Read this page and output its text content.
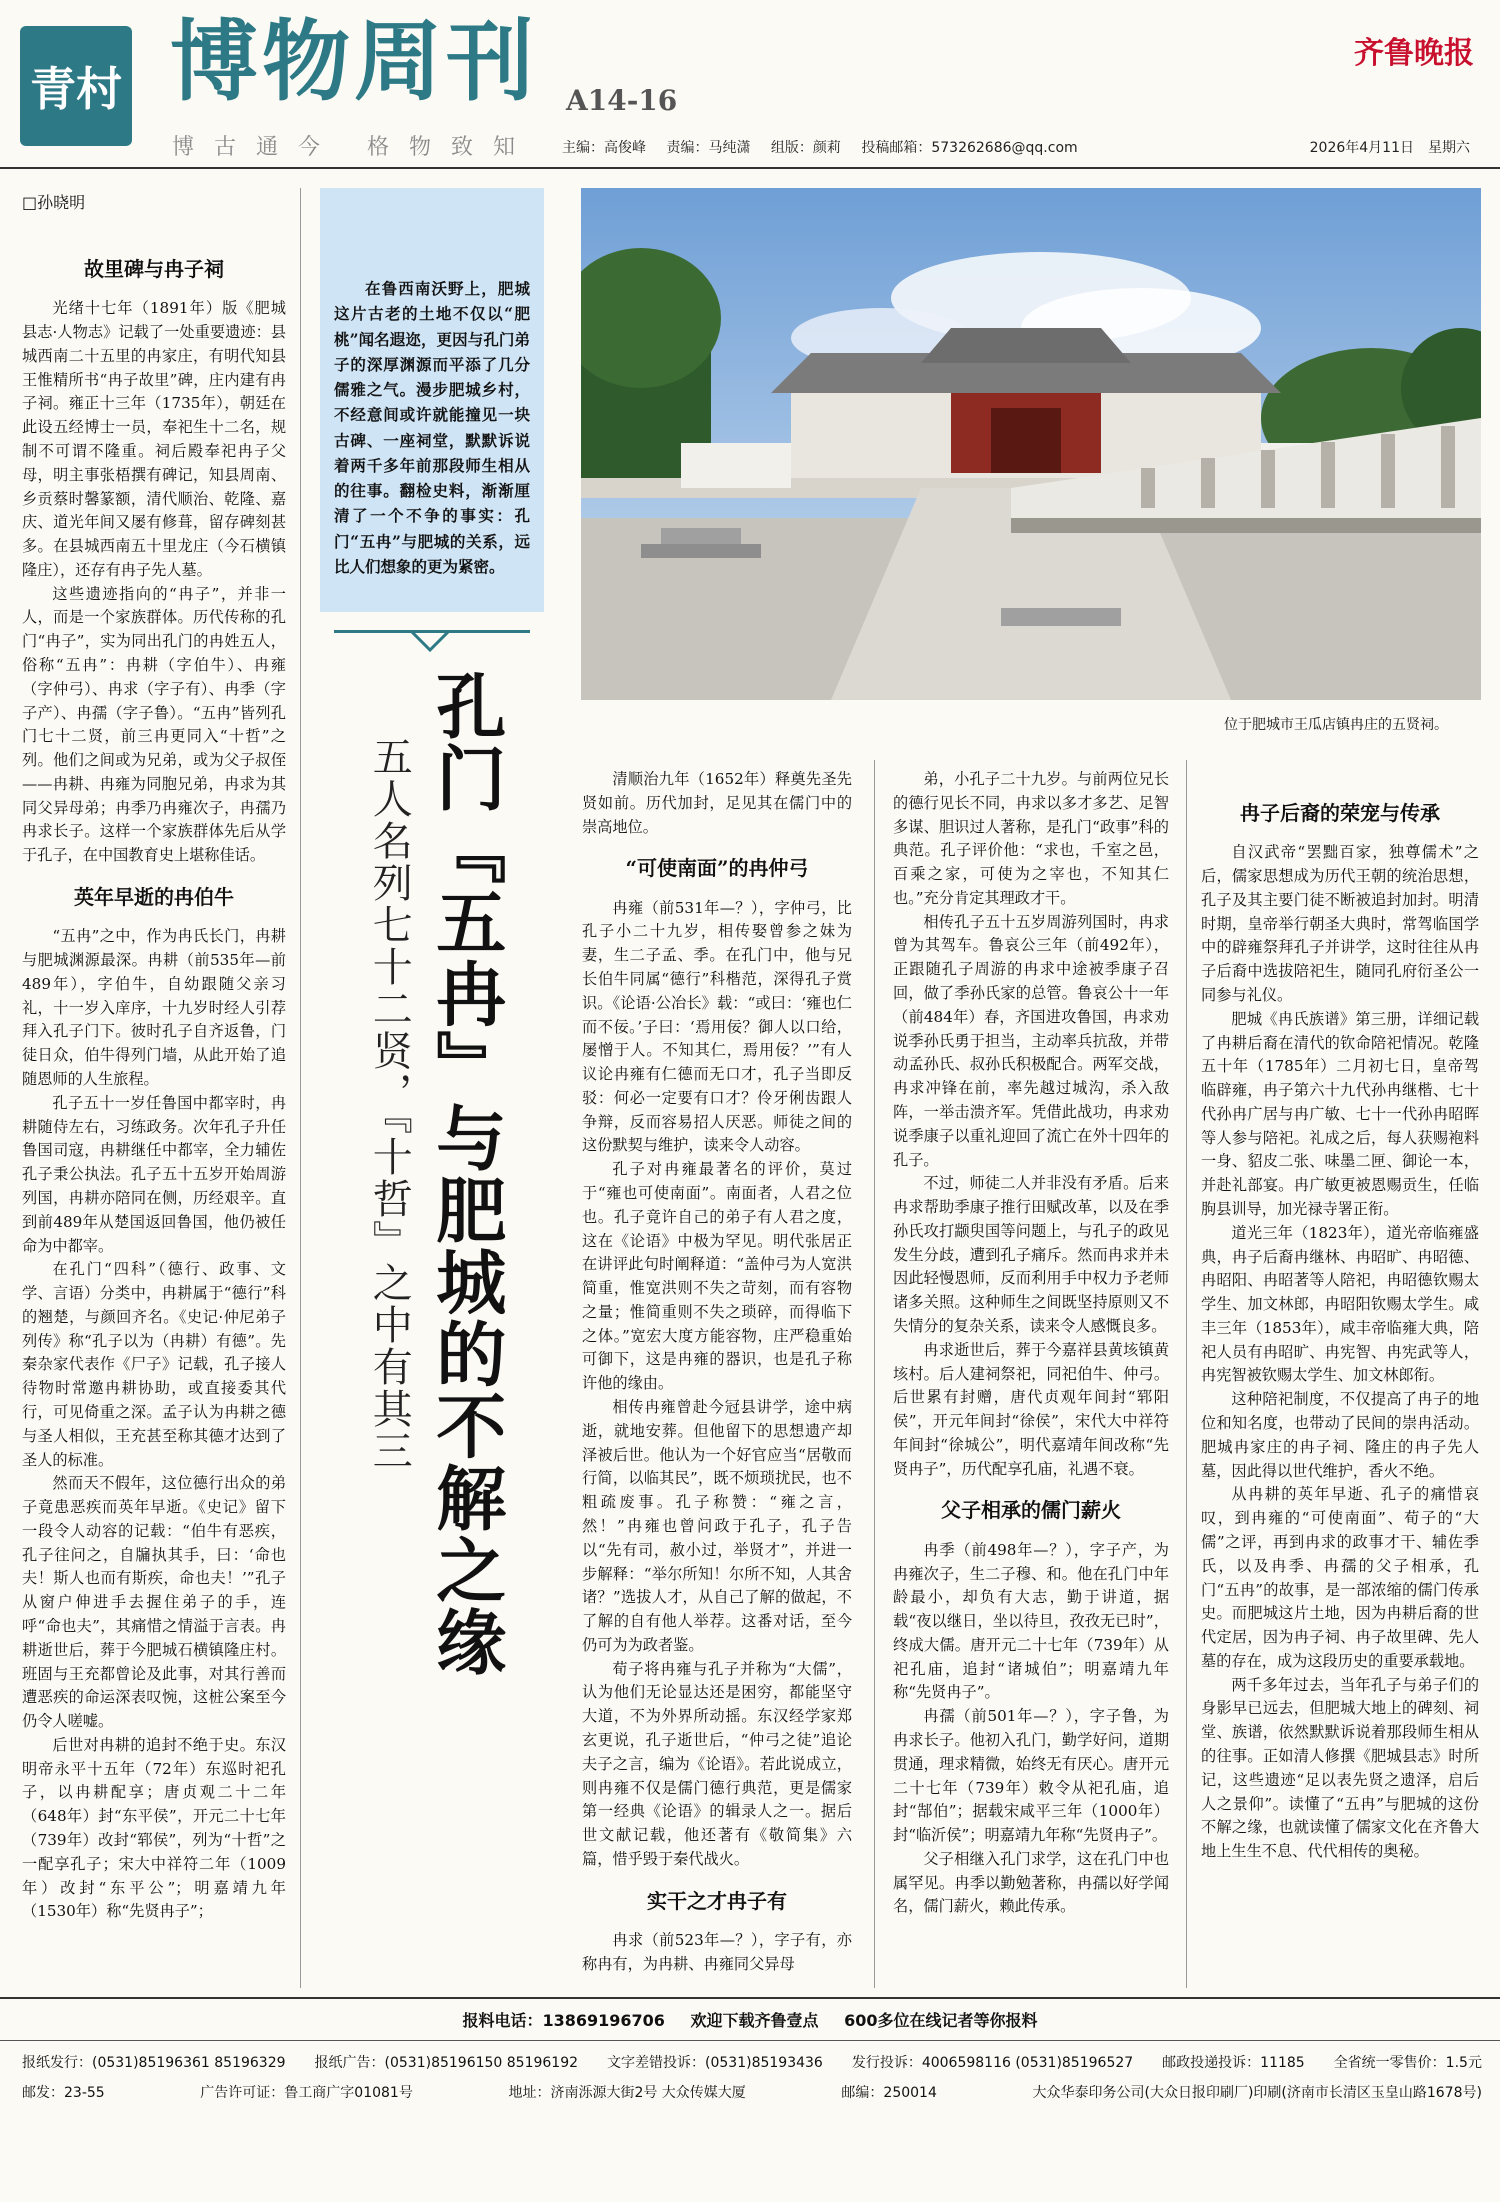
青村 博物周刊 A14-16
博古通今 格物致知
齐鲁晚报
主编：高俊峰 责编：马纯潇 组版：颜莉 投稿邮箱：573262686@qq.com	2026年4月11日　星期六
□孙晓明
故里碑与冉子祠

光绪十七年（1891年）版《肥城县志·人物志》记载了一处重要遗迹：县城西南二十五里的冉家庄，有明代知县王惟精所书“冉子故里”碑，庄内建有冉子祠。雍正十三年（1735年），朝廷在此设五经博士一员，奉祀生十二名，规制不可谓不隆重。祠后殿奉祀冉子父母，明主事张梧撰有碑记，知县周南、乡贡蔡时馨篆额，清代顺治、乾隆、嘉庆、道光年间又屡有修葺，留存碑刻甚多。在县城西南五十里龙庄（今石横镇隆庄），还存有冉子先人墓。

这些遗迹指向的“冉子”，并非一人，而是一个家族群体。历代传称的孔门“冉子”，实为同出孔门的冉姓五人，俗称“五冉”：冉耕（字伯牛）、冉雍（字仲弓）、冉求（字子有）、冉季（字子产）、冉孺（字子鲁）。“五冉”皆列孔门七十二贤，前三冉更同入“十哲”之列。他们之间或为兄弟，或为父子叔侄——冉耕、冉雍为同胞兄弟，冉求为其同父异母弟；冉季乃冉雍次子，冉孺乃冉求长子。这样一个家族群体先后从学于孔子，在中国教育史上堪称佳话。

英年早逝的冉伯牛

“五冉”之中，作为冉氏长门，冉耕与肥城渊源最深。冉耕（前535年—前489年），字伯牛，自幼跟随父亲习礼，十一岁入庠序，十九岁时经人引荐拜入孔子门下。彼时孔子自齐返鲁，门徒日众，伯牛得列门墙，从此开始了追随恩师的人生旅程。

孔子五十一岁任鲁国中都宰时，冉耕随侍左右，习练政务。次年孔子升任鲁国司寇，冉耕继任中都宰，全力辅佐孔子秉公执法。孔子五十五岁开始周游列国，冉耕亦陪同在侧，历经艰辛。直到前489年从楚国返回鲁国，他仍被任命为中都宰。

在孔门“四科”（德行、政事、文学、言语）分类中，冉耕属于“德行”科的翘楚，与颜回齐名。《史记·仲尼弟子列传》称“孔子以为（冉耕）有德”。先秦杂家代表作《尸子》记载，孔子接人待物时常邀冉耕协助，或直接委其代行，可见倚重之深。孟子认为冉耕之德与圣人相似，王充甚至称其德才达到了圣人的标准。

然而天不假年，这位德行出众的弟子竟患恶疾而英年早逝。《史记》留下一段令人动容的记载：“伯牛有恶疾，孔子往问之，自牖执其手，曰：‘命也夫！斯人也而有斯疾，命也夫！’”孔子从窗户伸进手去握住弟子的手，连呼“命也夫”，其痛惜之情溢于言表。冉耕逝世后，葬于今肥城石横镇隆庄村。班固与王充都曾论及此事，对其行善而遭恶疾的命运深表叹惋，这桩公案至今仍令人嗟嘘。

后世对冉耕的追封不绝于史。东汉明帝永平十五年（72年）东巡时祀孔子，以冉耕配享；唐贞观二十二年（648年）封“东平侯”，开元二十七年（739年）改封“郓侯”，列为“十哲”之一配享孔子；宋大中祥符二年（1009年）改封“东平公”；明嘉靖九年（1530年）称“先贤冉子”；

在鲁西南沃野上，肥城这片古老的土地不仅以“肥桃”闻名遐迩，更因与孔门弟子的深厚渊源而平添了几分儒雅之气。漫步肥城乡村，不经意间或许就能撞见一块古碑、一座祠堂，默默诉说着两千多年前那段师生相从的往事。翻检史料，渐渐厘清了一个不争的事实：孔门“五冉”与肥城的关系，远比人们想象的更为紧密。

孔门『五冉』与肥城的不解之缘
五人名列七十二贤，『十哲』之中有其三
位于肥城市王瓜店镇冉庄的五贤祠。

清顺治九年（1652年）释奠先圣先贤如前。历代加封，足见其在儒门中的崇高地位。

“可使南面”的冉仲弓

冉雍（前531年—？），字仲弓，比孔子小二十九岁，相传娶曾参之妹为妻，生二子孟、季。在孔门中，他与兄长伯牛同属“德行”科楷范，深得孔子赏识。《论语·公冶长》载：“或曰：‘雍也仁而不佞。’子曰：‘焉用佞？御人以口给，屡憎于人。不知其仁，焉用佞？’”有人议论冉雍有仁德而无口才，孔子当即反驳：何必一定要有口才？伶牙俐齿跟人争辩，反而容易招人厌恶。师徒之间的这份默契与维护，读来令人动容。

孔子对冉雍最著名的评价，莫过于“雍也可使南面”。南面者，人君之位也。孔子竟许自己的弟子有人君之度，这在《论语》中极为罕见。明代张居正在讲评此句时阐释道：“盖仲弓为人宽洪简重，惟宽洪则不失之苛刻，而有容物之量；惟简重则不失之琐碎，而得临下之体。”宽宏大度方能容物，庄严稳重始可御下，这是冉雍的器识，也是孔子称许他的缘由。

相传冉雍曾赴今冠县讲学，途中病逝，就地安葬。但他留下的思想遗产却泽被后世。他认为一个好官应当“居敬而行简，以临其民”，既不烦琐扰民，也不粗疏废事。孔子称赞：“雍之言，然！”冉雍也曾问政于孔子，孔子告以“先有司，赦小过，举贤才”，并进一步解释：“举尔所知！尔所不知，人其舍诸？”选拔人才，从自己了解的做起，不了解的自有他人举荐。这番对话，至今仍可为为政者鉴。

荀子将冉雍与孔子并称为“大儒”，认为他们无论显达还是困穷，都能坚守大道，不为外界所动摇。东汉经学家郑玄更说，孔子逝世后，“仲弓之徒”追论夫子之言，编为《论语》。若此说成立，则冉雍不仅是儒门德行典范，更是儒家第一经典《论语》的辑录人之一。据后世文献记载，他还著有《敬简集》六篇，惜乎毁于秦代战火。

实干之才冉子有

冉求（前523年—？），字子有，亦称冉有，为冉耕、冉雍同父异母

弟，小孔子二十九岁。与前两位兄长的德行见长不同，冉求以多才多艺、足智多谋、胆识过人著称，是孔门“政事”科的典范。孔子评价他：“求也，千室之邑，百乘之家，可使为之宰也，不知其仁也。”充分肯定其理政才干。

相传孔子五十五岁周游列国时，冉求曾为其驾车。鲁哀公三年（前492年），正跟随孔子周游的冉求中途被季康子召回，做了季孙氏家的总管。鲁哀公十一年（前484年）春，齐国进攻鲁国，冉求劝说季孙氏勇于担当，主动率兵抗敌，并带动孟孙氏、叔孙氏积极配合。两军交战，冉求冲锋在前，率先越过城沟，杀入敌阵，一举击溃齐军。凭借此战功，冉求劝说季康子以重礼迎回了流亡在外十四年的孔子。

不过，师徒二人并非没有矛盾。后来冉求帮助季康子推行田赋改革，以及在季孙氏攻打颛臾国等问题上，与孔子的政见发生分歧，遭到孔子痛斥。然而冉求并未因此轻慢恩师，反而利用手中权力予老师诸多关照。这种师生之间既坚持原则又不失情分的复杂关系，读来令人感慨良多。

冉求逝世后，葬于今嘉祥县黄垓镇黄垓村。后人建祠祭祀，同祀伯牛、仲弓。后世累有封赠，唐代贞观年间封“郓阳侯”，开元年间封“徐侯”，宋代大中祥符年间封“徐城公”，明代嘉靖年间改称“先贤冉子”，历代配享孔庙，礼遇不衰。

父子相承的儒门薪火

冉季（前498年—？），字子产，为冉雍次子，生二子穆、和。他在孔门中年龄最小，却负有大志，勤于讲道，据载“夜以继日，坐以待旦，孜孜无已时”，终成大儒。唐开元二十七年（739年）从祀孔庙，追封“诸城伯”；明嘉靖九年称“先贤冉子”。

冉孺（前501年—？），字子鲁，为冉求长子。他初入孔门，勤学好问，道期贯通，理求精微，始终无有厌心。唐开元二十七年（739年）敕令从祀孔庙，追封“郜伯”；据载宋咸平三年（1000年）封“临沂侯”；明嘉靖九年称“先贤冉子”。

父子相继入孔门求学，这在孔门中也属罕见。冉季以勤勉著称，冉孺以好学闻名，儒门薪火，赖此传承。

冉子后裔的荣宠与传承

自汉武帝“罢黜百家，独尊儒术”之后，儒家思想成为历代王朝的统治思想，孔子及其主要门徒不断被追封加封。明清时期，皇帝举行朝圣大典时，常驾临国学中的辟雍祭拜孔子并讲学，这时往往从冉子后裔中选拔陪祀生，随同孔府衍圣公一同参与礼仪。

肥城《冉氏族谱》第三册，详细记载了冉耕后裔在清代的钦命陪祀情况。乾隆五十年（1785年）二月初七日，皇帝驾临辟雍，冉子第六十九代孙冉继楷、七十代孙冉广居与冉广敏、七十一代孙冉昭晖等人参与陪祀。礼成之后，每人获赐袍料一身、貂皮二张、味墨二匣、御论一本，并赴礼部宴。冉广敏更被恩赐贡生，任临朐县训导，加光禄寺署正衔。

道光三年（1823年），道光帝临雍盛典，冉子后裔冉继林、冉昭旷、冉昭德、冉昭阳、冉昭著等人陪祀，冉昭德钦赐太学生、加文林郎，冉昭阳钦赐太学生。咸丰三年（1853年），咸丰帝临雍大典，陪祀人员有冉昭旷、冉宪智、冉宪武等人，冉宪智被钦赐太学生、加文林郎衔。

这种陪祀制度，不仅提高了冉子的地位和知名度，也带动了民间的崇冉活动。肥城冉家庄的冉子祠、隆庄的冉子先人墓，因此得以世代维护，香火不绝。

从冉耕的英年早逝、孔子的痛惜哀叹，到冉雍的“可使南面”、荀子的“大儒”之评，再到冉求的政事才干、辅佐季氏，以及冉季、冉孺的父子相承，孔门“五冉”的故事，是一部浓缩的儒门传承史。而肥城这片土地，因为冉耕后裔的世代定居，因为冉子祠、冉子故里碑、先人墓的存在，成为这段历史的重要承载地。

两千多年过去，当年孔子与弟子们的身影早已远去，但肥城大地上的碑刻、祠堂、族谱，依然默默诉说着那段师生相从的往事。正如清人修撰《肥城县志》时所记，这些遗迹“足以表先贤之遗泽，启后人之景仰”。读懂了“五冉”与肥城的这份不解之缘，也就读懂了儒家文化在齐鲁大地上生生不息、代代相传的奥秘。

报料电话：13869196706 欢迎下载齐鲁壹点 600多位在线记者等你报料
报纸发行：(0531)85196361 85196329 报纸广告：(0531)85196150 85196192 文字差错投诉：(0531)85193436 发行投诉：4006598116 (0531)85196527 邮政投递投诉：11185 全省统一零售价：1.5元
邮发：23-55	广告许可证：鲁工商广字01081号	地址：济南泺源大街2号 大众传媒大厦	邮编：250014	大众华泰印务公司(大众日报印刷厂)印刷(济南市长清区玉皇山路1678号)
